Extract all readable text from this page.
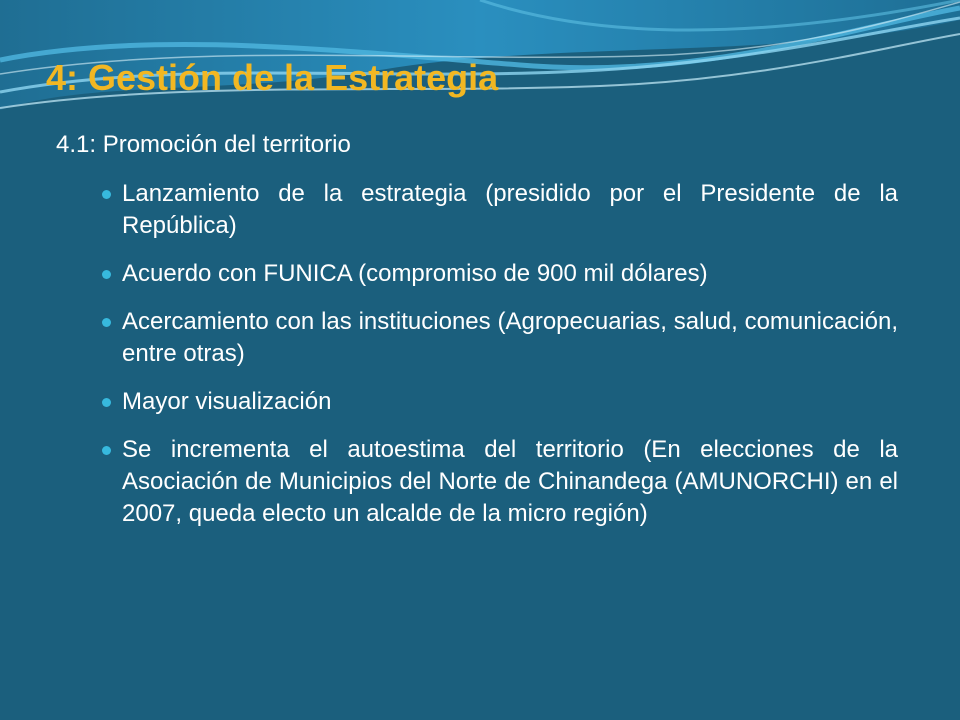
4: Gestión de la Estrategia

4.1: Promoción del territorio

Lanzamiento de la estrategia (presidido por el Presidente de la República)
Acuerdo con FUNICA (compromiso de 900 mil dólares)
Acercamiento con las instituciones (Agropecuarias, salud, comunicación, entre otras)
Mayor visualización
Se incrementa el autoestima del territorio (En elecciones de la Asociación de Municipios del Norte de Chinandega (AMUNORCHI) en el 2007, queda electo un alcalde de la micro región)
